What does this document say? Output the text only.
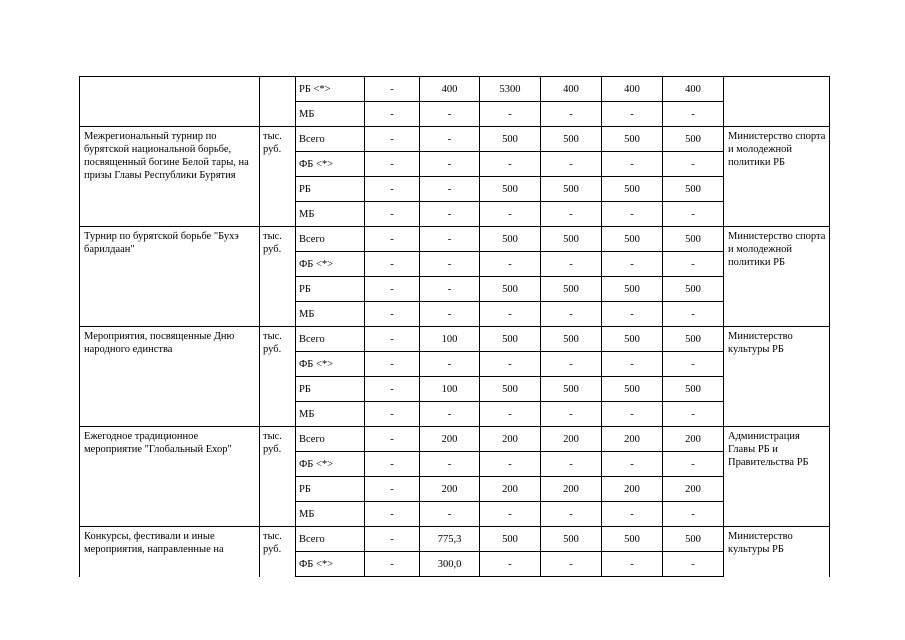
		РБ <*>	-	400	5300	400	400	400	
		МБ	-	-	-	-	-	-	
Межрегиональный турнир по бурятской национальной борьбе, посвященный богине Белой тары, на призы Главы Республики Бурятия	тыс. руб.	Всего	-	-	500	500	500	500	Министерство спорта и молодежной политики РБ
		ФБ <*>	-	-	-	-	-	-	
		РБ	-	-	500	500	500	500	
		МБ	-	-	-	-	-	-	
Турнир по бурятской борьбе "Бухэ барилдаан"	тыс. руб.	Всего	-	-	500	500	500	500	Министерство спорта и молодежной политики РБ
		ФБ <*>	-	-	-	-	-	-	
		РБ	-	-	500	500	500	500	
		МБ	-	-	-	-	-	-	
Мероприятия, посвященные Дню народного единства	тыс. руб.	Всего	-	100	500	500	500	500	Министерство культуры РБ
		ФБ <*>	-	-	-	-	-	-	
		РБ	-	100	500	500	500	500	
		МБ	-	-	-	-	-	-	
Ежегодное традиционное мероприятие "Глобальный Ехор"	тыс. руб.	Всего	-	200	200	200	200	200	Администрация Главы РБ и Правительства РБ
		ФБ <*>	-	-	-	-	-	-	
		РБ	-	200	200	200	200	200	
		МБ	-	-	-	-	-	-	
Конкурсы, фестивали и иные мероприятия, направленные на	тыс. руб.	Всего	-	775,3	500	500	500	500	Министерство культуры РБ
		ФБ <*>	-	300,0	-	-	-	-	
